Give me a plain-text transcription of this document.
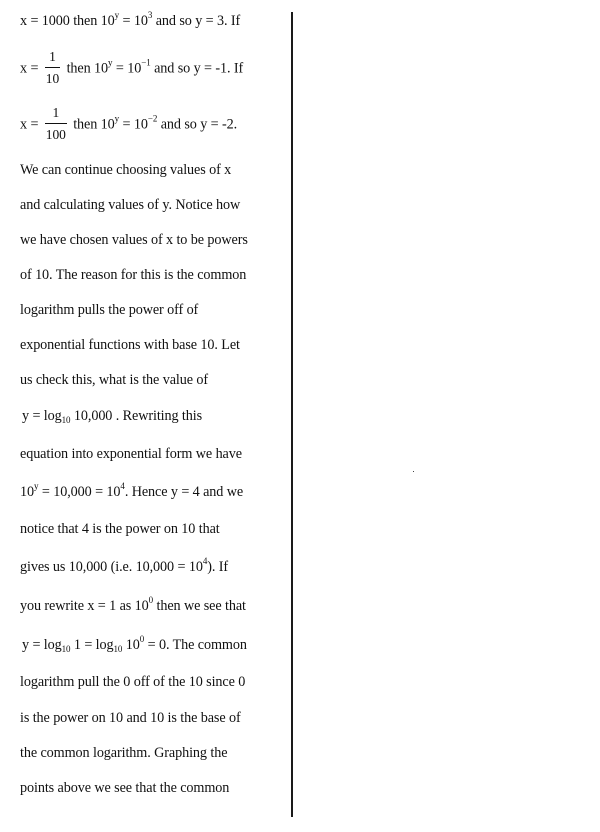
x = 1000 then $10^y = 10^3$ and so y = 3. If
$x = \frac{1}{10}$ then $10^y = 10^{-1}$ and so y = -1. If
$x = \frac{1}{100}$ then $10^y = 10^{-2}$ and so y = -2.
We can continue choosing values of x
and calculating values of y. Notice how
we have chosen values of x to be powers
of 10. The reason for this is the common
logarithm pulls the power off of
exponential functions with base 10. Let
us check this, what is the value of
$y = \log_{10} 10,000$ . Rewriting this
equation into exponential form we have
$10^y = 10,000 = 10^4$. Hence y = 4 and we
notice that 4 is the power on 10 that
gives us 10,000 (i.e. $10,000 = 10^4$). If
you rewrite x = 1 as $10^0$ then we see that
$y = \log_{10} 1 = \log_{10} 10^0 = 0$. The common
logarithm pull the 0 off of the 10 since 0
is the power on 10 and 10 is the base of
the common logarithm. Graphing the
points above we see that the common
